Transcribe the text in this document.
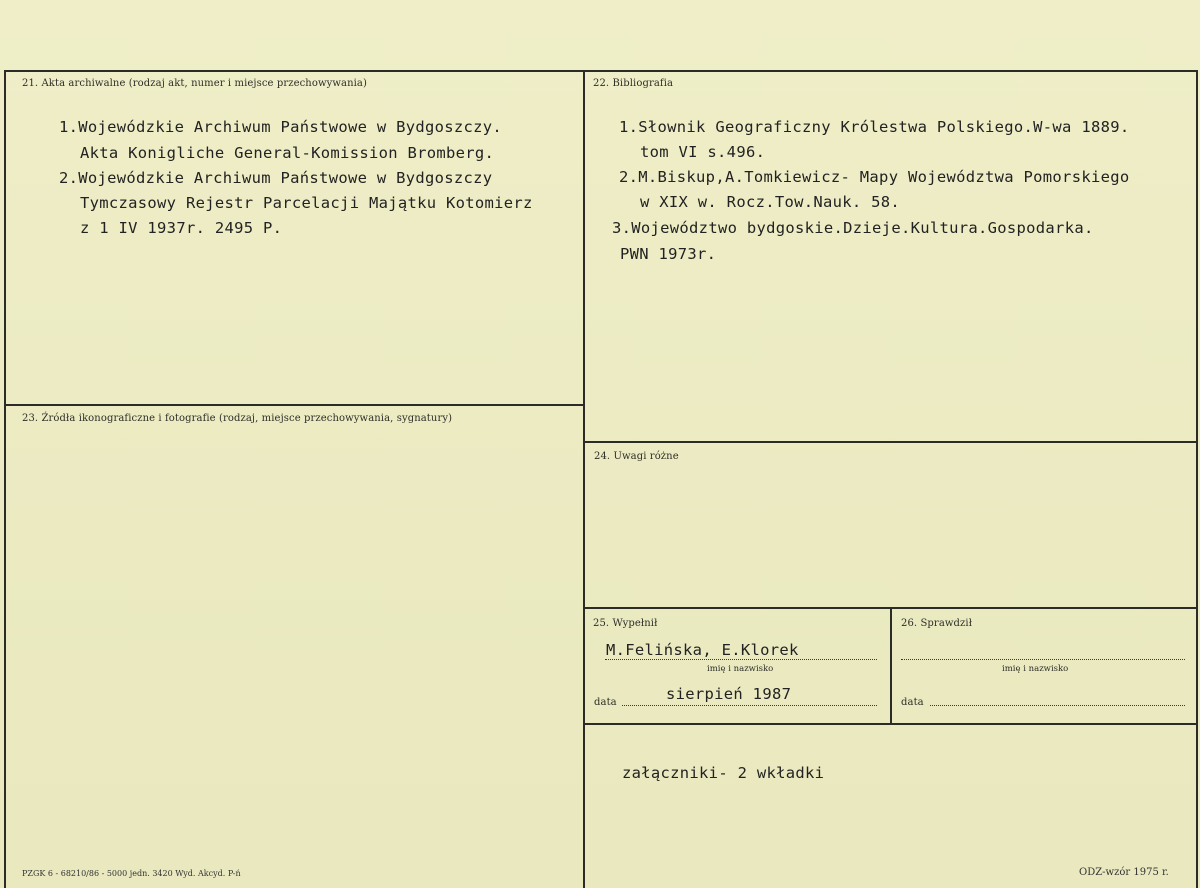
21. Akta archiwalne (rodzaj akt, numer i miejsce przechowywania)
1.Wojewódzkie Archiwum Państwowe w Bydgoszczy.
Akta Konigliche General-Komission Bromberg.
2.Wojewódzkie Archiwum Państwowe w Bydgoszczy
Tymczasowy Rejestr Parcelacji Majątku Kotomierz
z 1 IV 1937r. 2495 P.
22. Bibliografia
1.Słownik Geograficzny Królestwa Polskiego.W-wa 1889.
tom VI s.496.
2.M.Biskup,A.Tomkiewicz- Mapy Województwa Pomorskiego
w XIX w. Rocz.Tow.Nauk. 58.
3.Województwo bydgoskie.Dzieje.Kultura.Gospodarka.
PWN 1973r.
23. Źródła ikonograficzne i fotografie (rodzaj, miejsce przechowywania, sygnatury)
24. Uwagi różne
25. Wypełnił
M.Felińska, E.Klorek
imię i nazwisko
data	sierpień 1987
26. Sprawdził
imię i nazwisko
data
załączniki- 2 wkładki
PZGK 6 - 68210/86 - 5000 jedn. 3420 Wyd. Akcyd. P-ń	ODZ-wzór 1975 r.
